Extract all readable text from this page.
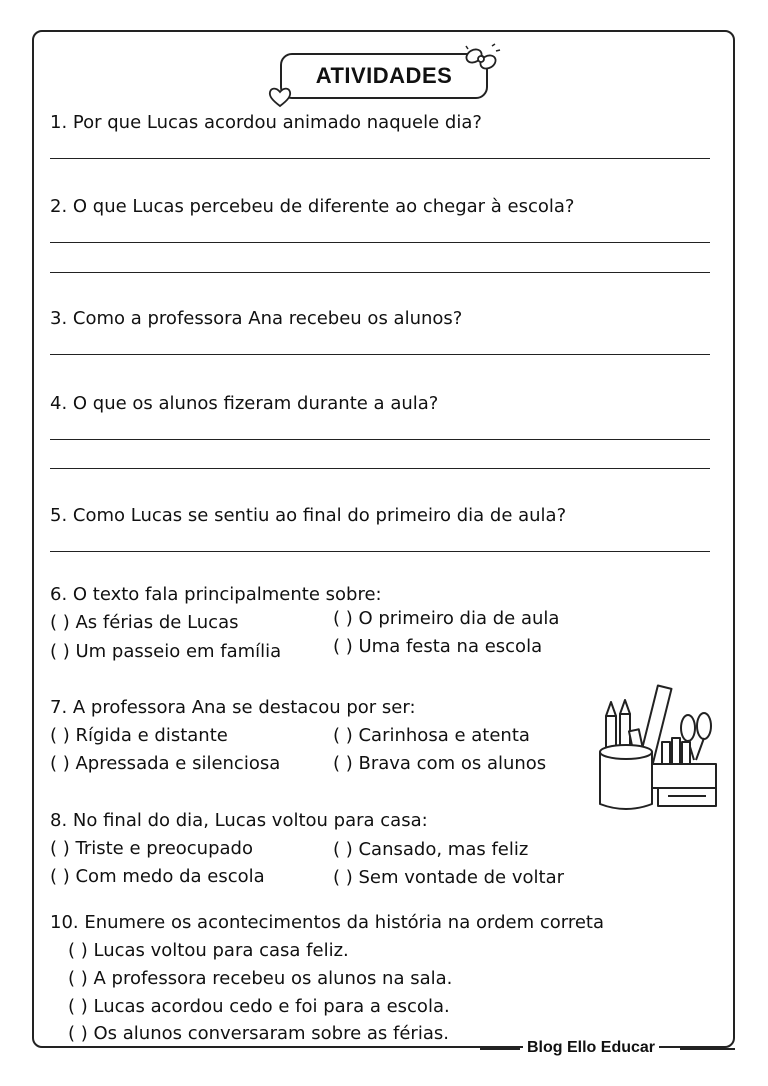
ATIVIDADES
1. Por que Lucas acordou animado naquele dia?
2. O que Lucas percebeu de diferente ao chegar à escola?
3. Como a professora Ana recebeu os alunos?
4. O que os alunos fizeram durante a aula?
5. Como Lucas se sentiu ao final do primeiro dia de aula?
6. O texto fala principalmente sobre:
( ) As férias de Lucas	( ) O primeiro dia de aula
( ) Um passeio em família	( ) Uma festa na escola
7. A professora Ana se destacou por ser:
( ) Rígida e distante	( ) Carinhosa e atenta
( ) Apressada e silenciosa	( ) Brava com os alunos
8. No final do dia, Lucas voltou para casa:
( ) Triste e preocupado	( ) Cansado, mas feliz
( ) Com medo da escola	( ) Sem vontade de voltar
10. Enumere os acontecimentos da história na ordem correta
( ) Lucas voltou para casa feliz.
( ) A professora recebeu os alunos na sala.
( ) Lucas acordou cedo e foi para a escola.
( ) Os alunos conversaram sobre as férias.
Blog Ello Educar
